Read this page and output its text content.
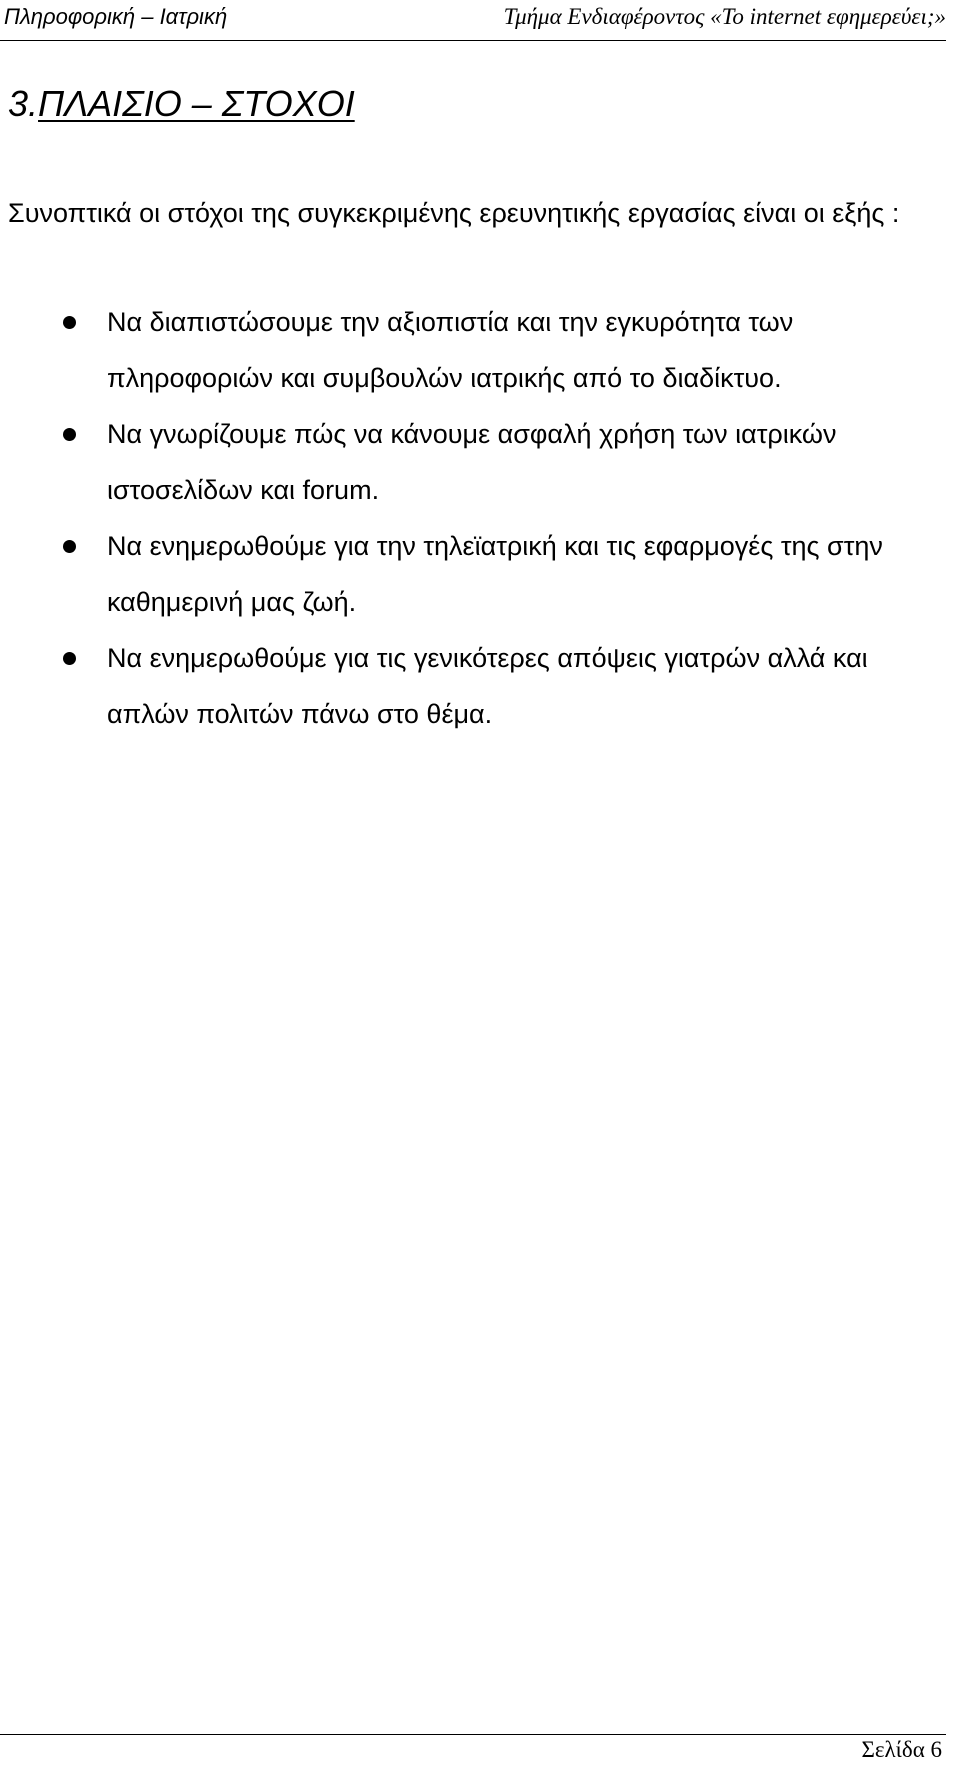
Πληροφορική – Ιατρική	Τμήμα Ενδιαφέροντος «Το internet εφημερεύει;»
3.ΠΛΑΙΣΙΟ – ΣΤΟΧΟΙ

Συνοπτικά οι στόχοι της συγκεκριμένης ερευνητικής εργασίας είναι οι εξής :

Να διαπιστώσουμε την αξιοπιστία και την εγκυρότητα των πληροφοριών και συμβουλών ιατρικής από το διαδίκτυο.
Να γνωρίζουμε πώς να κάνουμε ασφαλή χρήση των ιατρικών ιστοσελίδων και forum.
Να ενημερωθούμε για την τηλεϊατρική και τις εφαρμογές της στην καθημερινή μας ζωή.
Να ενημερωθούμε για τις γενικότερες απόψεις γιατρών αλλά και απλών πολιτών πάνω στο θέμα.
Σελίδα 6
